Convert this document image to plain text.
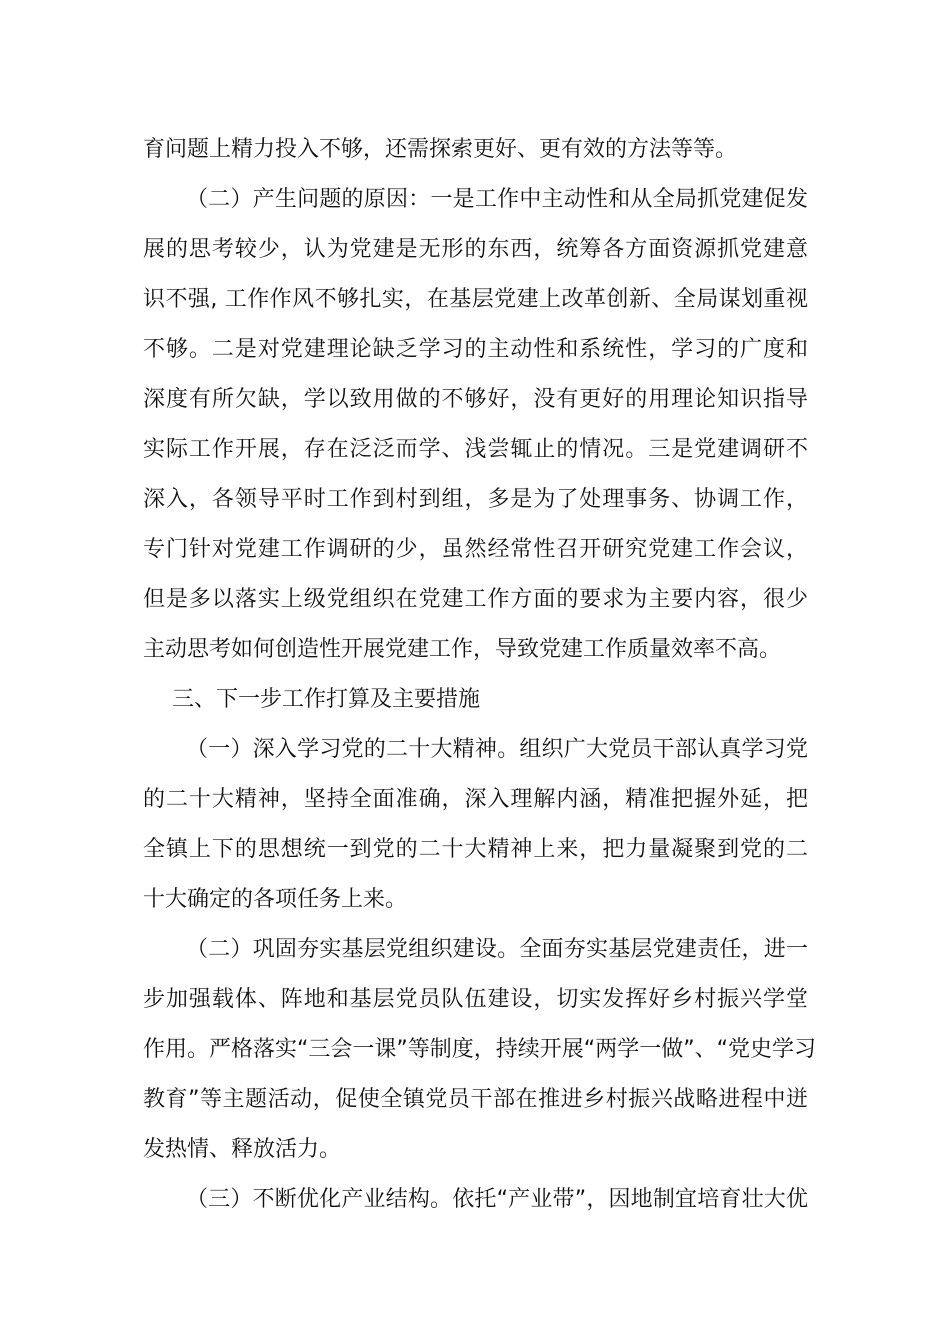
育问题上精力投入不够，还需探索更好、更有效的方法等等。
（二）产生问题的原因：一是工作中主动性和从全局抓党建促发
展的思考较少，认为党建是无形的东西，统筹各方面资源抓党建意
识不强, 工作作风不够扎实，在基层党建上改革创新、全局谋划重视
不够。二是对党建理论缺乏学习的主动性和系统性，学习的广度和
深度有所欠缺，学以致用做的不够好，没有更好的用理论知识指导
实际工作开展，存在泛泛而学、浅尝辄止的情况。三是党建调研不
深入，各领导平时工作到村到组，多是为了处理事务、协调工作，
专门针对党建工作调研的少，虽然经常性召开研究党建工作会议，
但是多以落实上级党组织在党建工作方面的要求为主要内容，很少
主动思考如何创造性开展党建工作，导致党建工作质量效率不高。
三、下一步工作打算及主要措施
（一）深入学习党的二十大精神。组织广大党员干部认真学习党
的二十大精神，坚持全面准确，深入理解内涵，精准把握外延，把
全镇上下的思想统一到党的二十大精神上来，把力量凝聚到党的二
十大确定的各项任务上来。
（二）巩固夯实基层党组织建设。全面夯实基层党建责任，进一
步加强载体、阵地和基层党员队伍建设，切实发挥好乡村振兴学堂
作用。严格落实“三会一课”等制度，持续开展“两学一做”、“党史学习
教育”等主题活动，促使全镇党员干部在推进乡村振兴战略进程中迸
发热情、释放活力。
（三）不断优化产业结构。依托“产业带”，因地制宜培育壮大优
